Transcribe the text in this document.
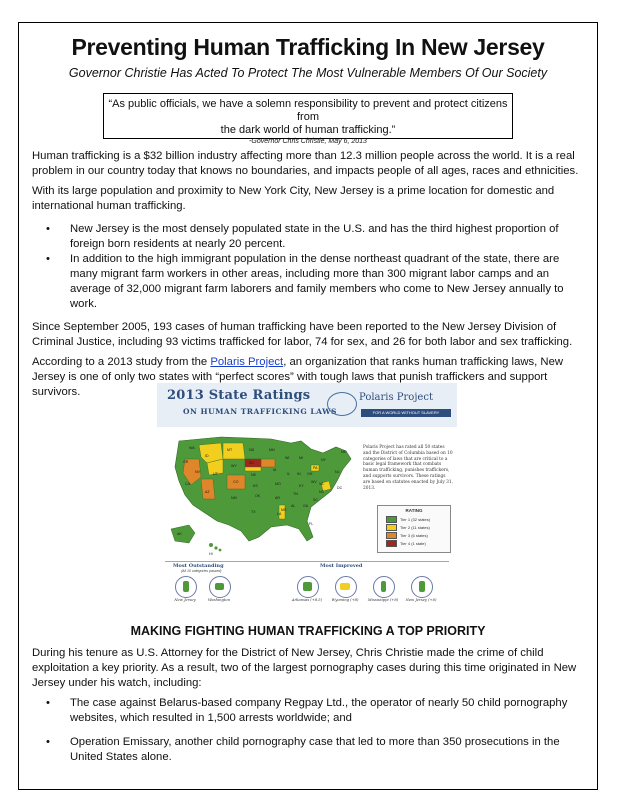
Preventing Human Trafficking In New Jersey
Governor Christie Has Acted To Protect The Most Vulnerable Members Of Our Society
“As public officials, we have a solemn responsibility to prevent and protect citizens from
the dark world of human trafficking.”
-Governor Chris Christie, May 6, 2013

Human trafficking is a $32 billion industry affecting more than 12.3 million people across the world. It is a real problem in our country today that knows no boundaries, and impacts people of all ages, races and ethnicities.

With its large population and proximity to New York City, New Jersey is a prime location for domestic and international human trafficking.

• New Jersey is the most densely populated state in the U.S. and has the third highest proportion of foreign born residents at nearly 20 percent.
• In addition to the high immigrant population in the dense northeast quadrant of the state, there are many migrant farm workers in other areas, including more than 300 migrant labor camps and an average of 32,000 migrant farm laborers and family members who come to New Jersey annually to work.

Since September 2005, 193 cases of human trafficking have been reported to the New Jersey Division of Criminal Justice, including 93 victims trafficked for labor, 74 for sex, and 26 for both labor and sex trafficking.

According to a 2013 study from the Polaris Project, an organization that ranks human trafficking laws, New Jersey is one of only two states with “perfect scores” with tough laws that punish traffickers and support survivors.	2013 State Ratings
ON HUMAN TRAFFICKING LAWS
Polaris Project
FOR A WORLD WITHOUT SLAVERY
WA
OR
ID
MT
WY
ND
SD
NE
KS
OK
TX
NM
CO
UT
NV
CA
AZ
MN
IA
MO
AR
LA
WI
IL
MS
MI
IN
KY
TN
AL
OH
GA
FL
SC
NC
VA
WV
PA
NY
ME
AK
HI
DC
NJ
Polaris Project has rated all 50 states and the District of Columbia based on 10 categories of laws that are critical to a basic legal framework that combats human trafficking, punishes traffickers, and supports survivors. These ratings are based on statutes enacted by July 31, 2013.
RATING
Tier 1 (32 states)
Tier 2 (11 states)
Tier 3 (6 states)
Tier 4 (1 state)
Most Outstanding
(All 10 categories passed)
Most Improved
New Jersey	Washington	Arkansas (+8.5)	Wyoming (+8)	Mississippi (+8)	New Jersey (+6)
MAKING FIGHTING HUMAN TRAFFICKING A TOP PRIORITY

During his tenure as U.S. Attorney for the District of New Jersey, Chris Christie made the crime of child exploitation a key priority. As a result, two of the largest pornography cases during this time originated in New Jersey under his watch, including:

• The case against Belarus-based company Regpay Ltd., the operator of nearly 50 child pornography websites, which resulted in 1,500 arrests worldwide; and
• Operation Emissary, another child pornography case that led to more than 350 prosecutions in the United States alone.
